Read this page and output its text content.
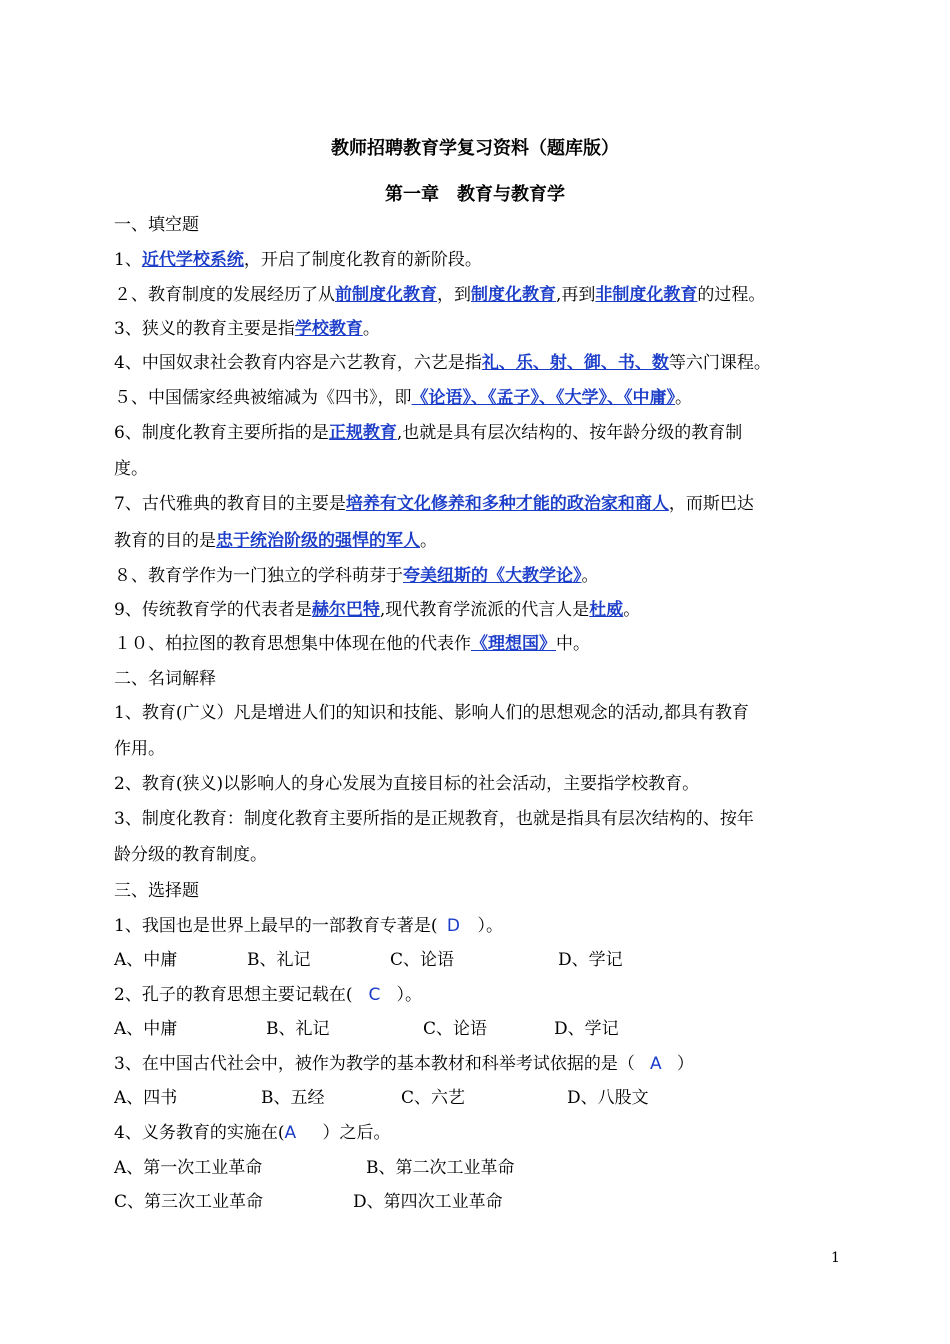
教师招聘教育学复习资料（题库版）
第一章　教育与教育学
一、填空题
1、近代学校系统，开启了制度化教育的新阶段。
２、教育制度的发展经历了从前制度化教育，到制度化教育,再到非制度化教育的过程。
3、狭义的教育主要是指学校教育。
4、中国奴隶社会教育内容是六艺教育，六艺是指礼、乐、射、御、书、数等六门课程。
５、中国儒家经典被缩减为《四书》，即《论语》、《孟子》、《大学》、《中庸》。
6、制度化教育主要所指的是正规教育,也就是具有层次结构的、按年龄分级的教育制
度。
7、古代雅典的教育目的主要是培养有文化修养和多种才能的政治家和商人，而斯巴达
教育的目的是忠于统治阶级的强悍的军人。
８、教育学作为一门独立的学科萌芽于夸美纽斯的《大教学论》。
9、传统教育学的代表者是赫尔巴特,现代教育学流派的代言人是杜威。
１０、柏拉图的教育思想集中体现在他的代表作《理想国》中。
二、名词解释
1、教育(广义）凡是增进人们的知识和技能、影响人们的思想观念的活动,都具有教育
作用。
2、教育(狭义)以影响人的身心发展为直接目标的社会活动，主要指学校教育。
3、制度化教育：制度化教育主要所指的是正规教育，也就是指具有层次结构的、按年
龄分级的教育制度。
三、选择题
1、我国也是世界上最早的一部教育专著是( D ）。
A、中庸	B、礼记	C、论语	D、学记
2、孔子的教育思想主要记载在( C ）。
A、中庸	B、礼记	C、论语	D、学记
3、在中国古代社会中，被作为教学的基本教材和科举考试依据的是（ A ）
A、四书	B、五经	C、六艺	D、八股文
4、义务教育的实施在(A ）之后。
A、第一次工业革命	B、第二次工业革命
C、第三次工业革命	D、第四次工业革命
1
